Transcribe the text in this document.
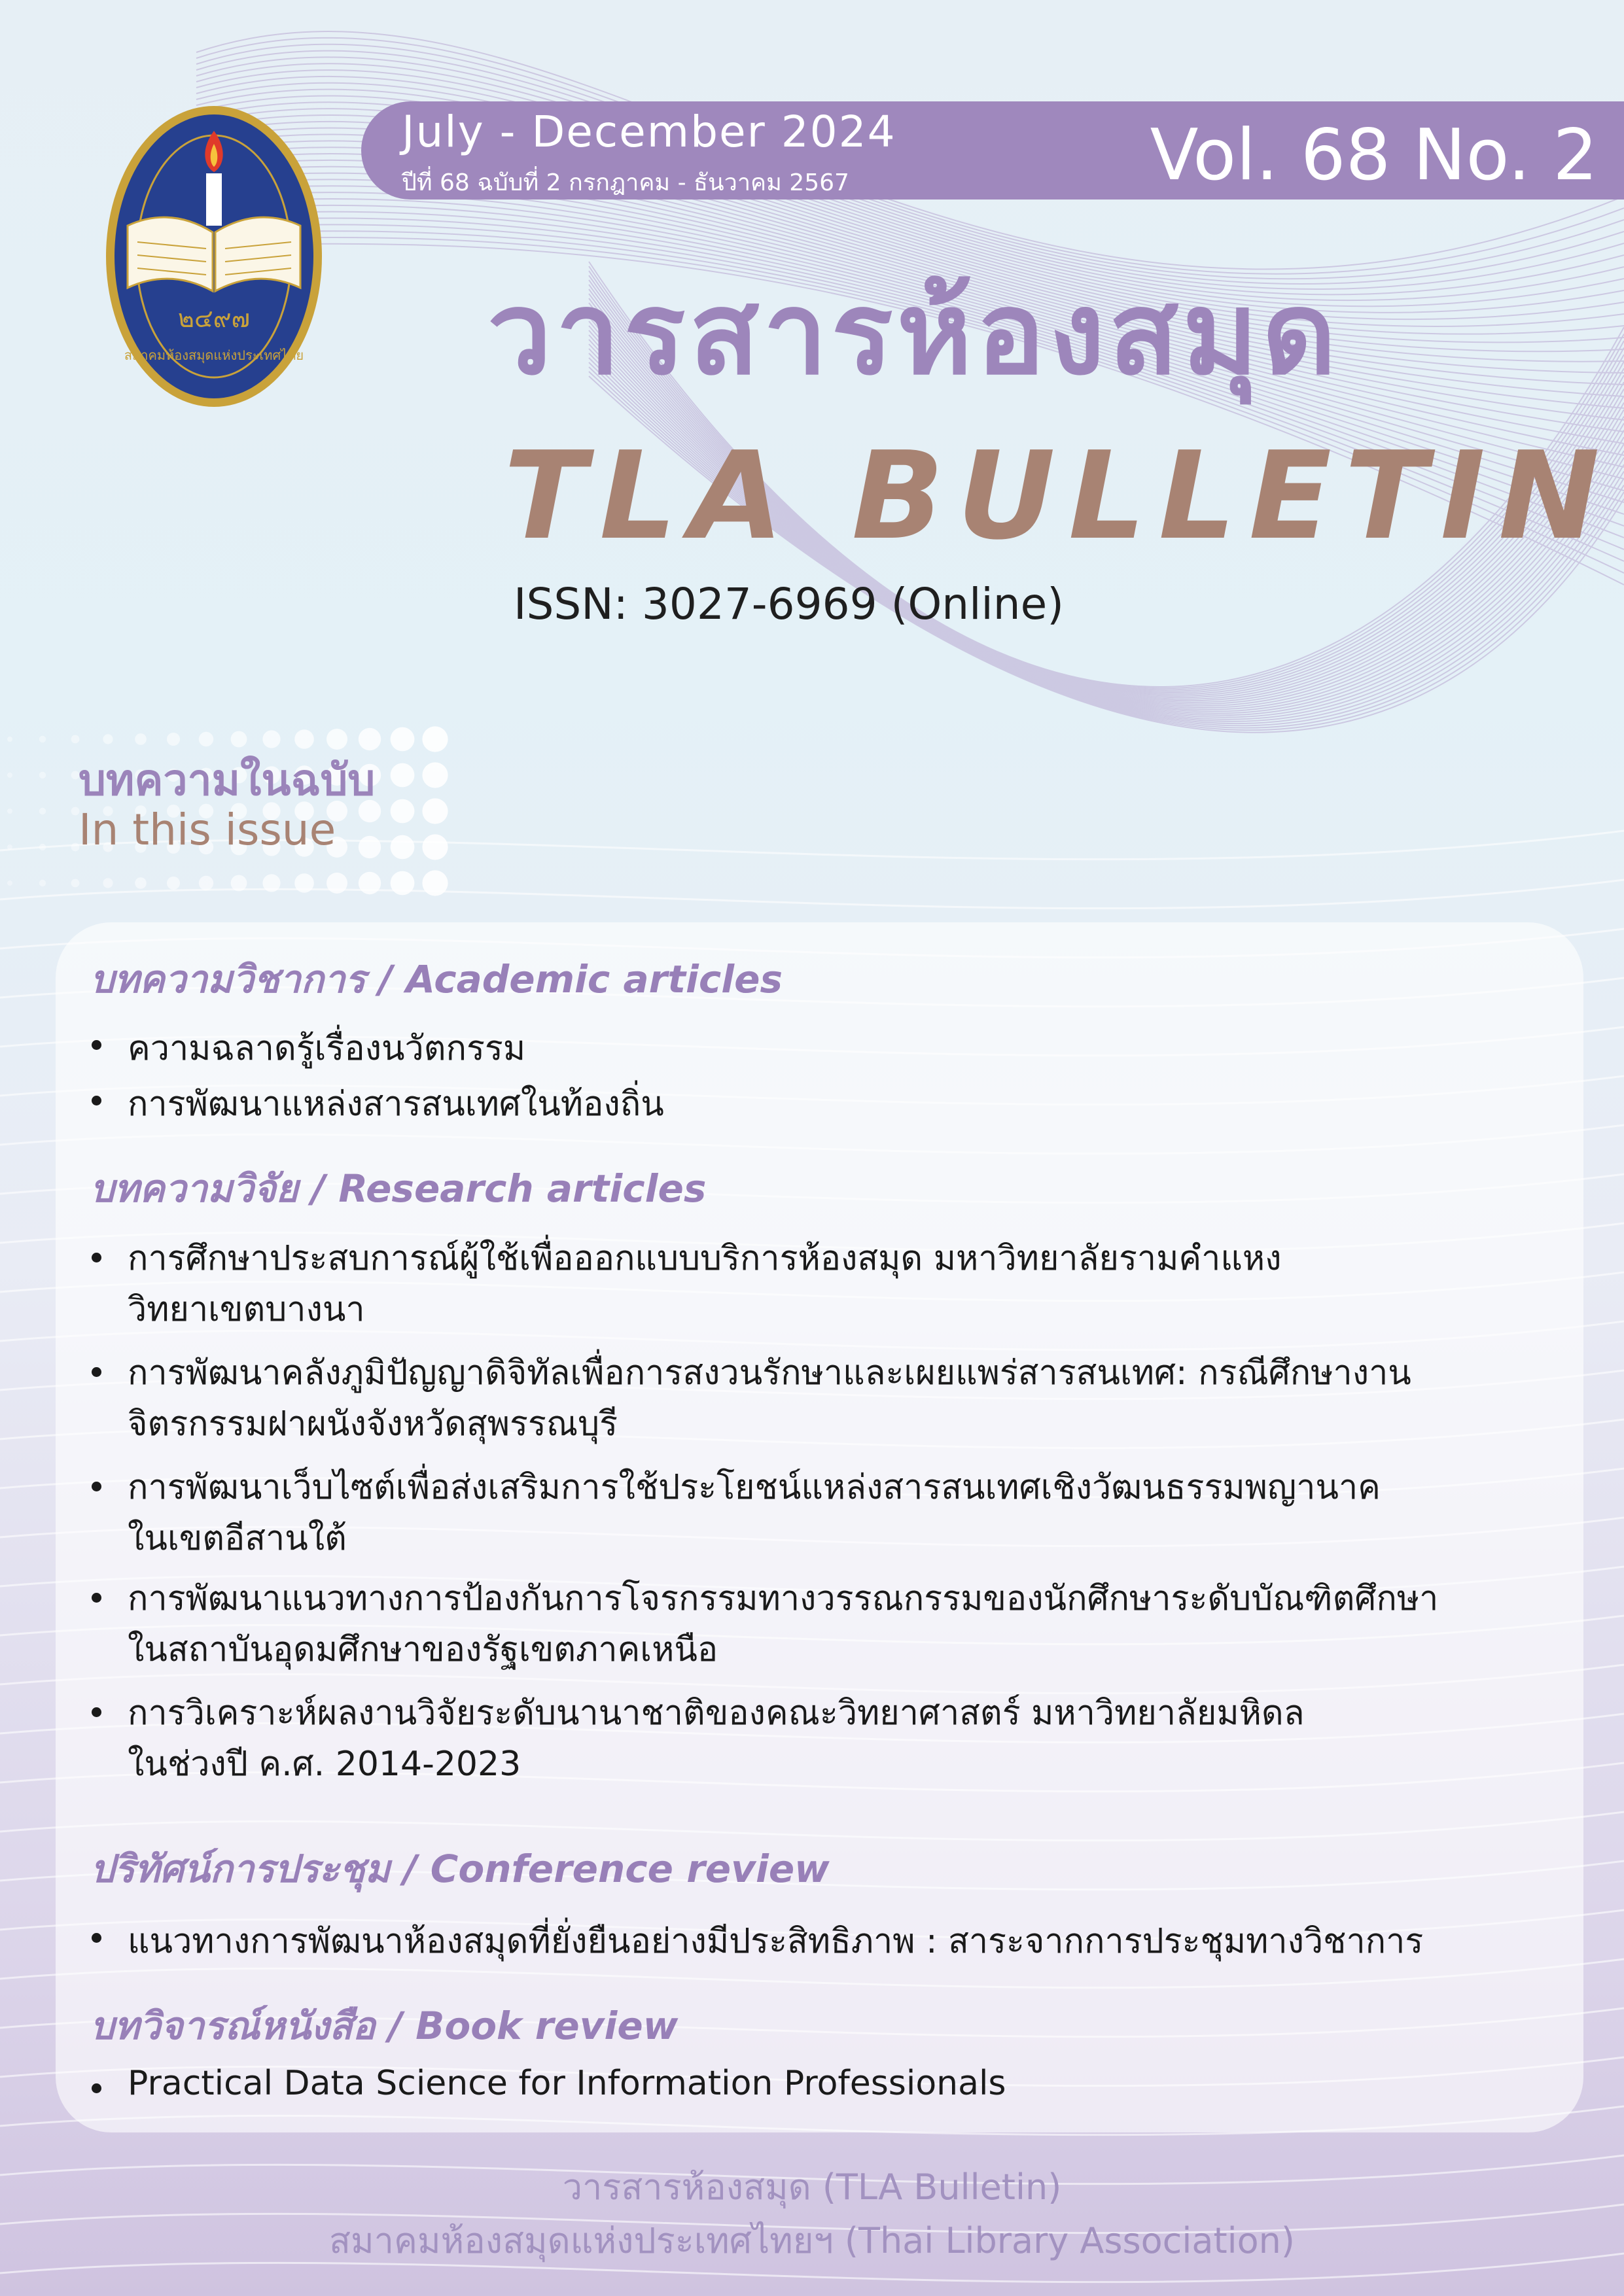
๒๔๙๗
สมาคมห้องสมุดแห่งประเทศไทย
July - December 2024
ปีที่ 68 ฉบับที่ 2 กรกฎาคม - ธันวาคม 2567	Vol. 68 No. 2
วารสารห้องสมุด
TLA BULLETIN
ISSN: 3027-6969 (Online)
บทความในฉบับ
In this issue
บทความวิชาการ / Academic articles
ความฉลาดรู้เรื่องนวัตกรรม
การพัฒนาแหล่งสารสนเทศในท้องถิ่น
บทความวิจัย / Research articles
การศึกษาประสบการณ์ผู้ใช้เพื่อออกแบบบริการห้องสมุด มหาวิทยาลัยรามคำแหง
วิทยาเขตบางนา
การพัฒนาคลังภูมิปัญญาดิจิทัลเพื่อการสงวนรักษาและเผยแพร่สารสนเทศ: กรณีศึกษางาน
จิตรกรรมฝาผนังจังหวัดสุพรรณบุรี
การพัฒนาเว็บไซต์เพื่อส่งเสริมการใช้ประโยชน์แหล่งสารสนเทศเชิงวัฒนธรรมพญานาค
ในเขตอีสานใต้
การพัฒนาแนวทางการป้องกันการโจรกรรมทางวรรณกรรมของนักศึกษาระดับบัณฑิตศึกษา
ในสถาบันอุดมศึกษาของรัฐเขตภาคเหนือ
การวิเคราะห์ผลงานวิจัยระดับนานาชาติของคณะวิทยาศาสตร์ มหาวิทยาลัยมหิดล
ในช่วงปี ค.ศ. 2014-2023
ปริทัศน์การประชุม / Conference review
แนวทางการพัฒนาห้องสมุดที่ยั่งยืนอย่างมีประสิทธิภาพ : สาระจากการประชุมทางวิชาการ
บทวิจารณ์หนังสือ / Book review
Practical Data Science for Information Professionals
วารสารห้องสมุด (TLA Bulletin)
สมาคมห้องสมุดแห่งประเทศไทยฯ (Thai Library Association)
